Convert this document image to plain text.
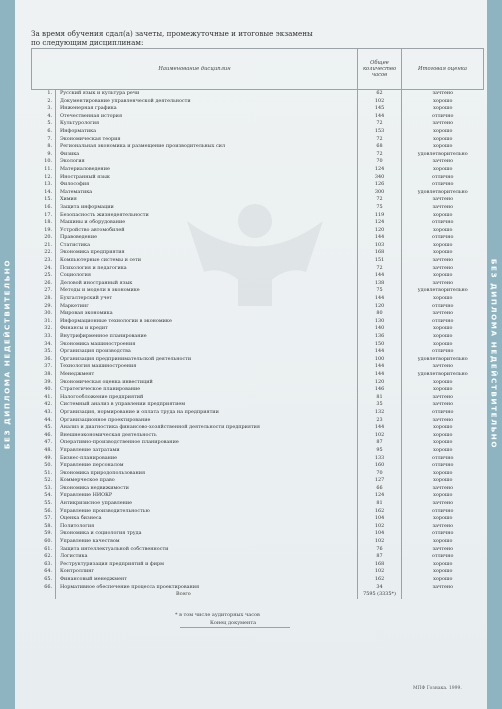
БЕЗ ДИПЛОМА НЕДЕЙСТВИТЕЛЬНО	БЕЗ ДИПЛОМА НЕДЕЙСТВИТЕЛЬНО
За время обучения сдал(а) зачеты, промежуточные и итоговые экзамены
по следующим дисциплинам:
Наименование дисциплин		Общее количество часов	Итоговая оценка
1.	Русский язык и культура речи	62	зачтено
2.	Документирование управленческой деятельности	102	хорошо
3.	Инженерная графика	145	хорошо
4.	Отечественная история	144	отлично
5.	Культурология	72	зачтено
6.	Информатика	153	хорошо
7.	Экономическая теория	72	хорошо
8.	Региональная экономика и размещение производительных сил	68	хорошо
9.	Физика	72	удовлетворительно
10.	Экология	70	зачтено
11.	Материаловедение	124	хорошо
12.	Иностранный язык	340	отлично
13.	Философия	126	отлично
14.	Математика	300	удовлетворительно
15.	Химия	72	зачтено
16.	Защита информации	75	зачтено
17.	Безопасность жизнедеятельности	119	хорошо
18.	Машины и оборудование	124	отлично
19.	Устройство автомобилей	120	хорошо
20.	Правоведение	144	отлично
21.	Статистика	103	хорошо
22.	Экономика предприятия	168	хорошо
23.	Компьютерные системы и сети	151	зачтено
24.	Психология и педагогика	72	зачтено
25.	Социология	144	хорошо
26.	Деловой иностранный язык	138	зачтено
27.	Методы и модели в экономике	75	удовлетворительно
28.	Бухгалтерский учет	144	хорошо
29.	Маркетинг	120	отлично
30.	Мировая экономика	80	зачтено
31.	Информационные технологии в экономике	130	отлично
32.	Финансы и кредит	140	хорошо
33.	Внутрифирменное планирование	136	хорошо
34.	Экономика машиностроения	150	хорошо
35.	Организация производства	144	отлично
36.	Организация предпринимательской деятельности	100	удовлетворительно
37.	Технология машиностроения	144	зачтено
38.	Менеджмент	144	удовлетворительно
39.	Экономическая оценка инвестиций	120	хорошо
40.	Стратегическое планирование	146	хорошо
41.	Налогообложение предприятий	81	зачтено
42.	Системный анализ в управлении предприятием	35	зачтено
43.	Организация, нормирование и оплата труда на предприятии	132	отлично
44.	Организационное проектирование	23	зачтено
45.	Анализ и диагностика финансово-хозяйственной деятельности предприятия	144	хорошо
46.	Внешнеэкономическая деятельность	102	хорошо
47.	Оперативно-производственное планирование	87	хорошо
48.	Управление затратами	95	хорошо
49.	Бизнес-планирование	133	отлично
50.	Управление персоналом	160	отлично
51.	Экономика природопользования	70	хорошо
52.	Коммерческое право	127	хорошо
53.	Экономика недвижимости	66	зачтено
54.	Управление НИОКР	124	хорошо
55.	Антикризисное управление	81	зачтено
56.	Управление производительностью	162	отлично
57.	Оценка бизнеса	104	хорошо
58.	Политология	102	зачтено
59.	Экономика и социология труда	104	отлично
60.	Управление качеством	102	хорошо
61.	Защита интеллектуальной собственности	76	зачтено
62.	Логистика	87	отлично
63.	Реструктуризация предприятий и фирм	168	хорошо
64.	Контроллинг	102	хорошо
65.	Финансовый менеджмент	162	хорошо
66.	Нормативное обеспечение процесса проектирования	34	зачтено
	Всего	7595 (3335*)	
* в том числе аудиторных часов
Конец документа
МПФ Гознака. 1999.
